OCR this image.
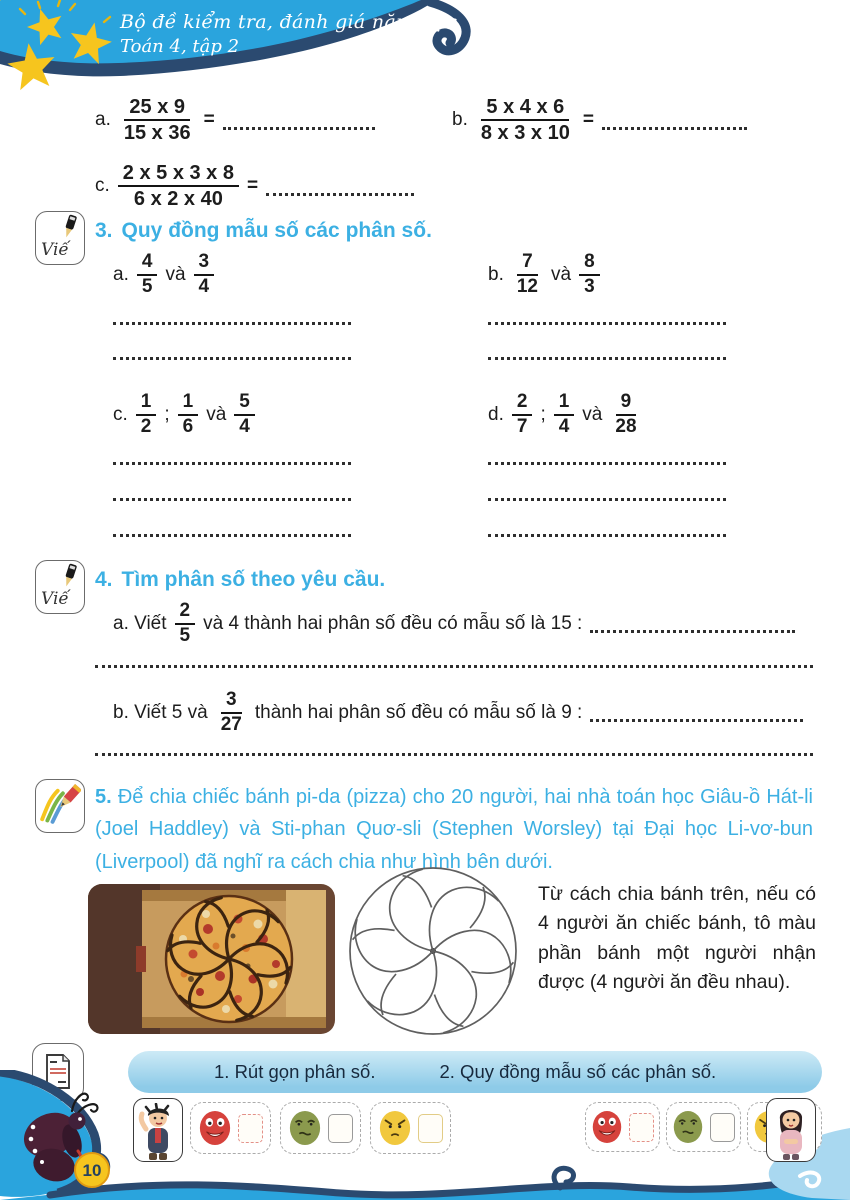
Bộ đề kiểm tra, đánh giá năng lực
Toán 4, tập 2
a. $\frac{25 x 9}{15 x 36}$ =	b. $\frac{5 x 4 x 6}{8 x 3 x 10}$ =
c. $\frac{2 x 5 x 3 x 8}{6 x 2 x 40}$ =
Viế
3. Quy đồng mẫu số các phân số.
a. $\frac{4}{5}$ và $\frac{3}{4}$	b. $\frac{7}{12}$ và $\frac{8}{3}$
c. $\frac{1}{2}$ ; $\frac{1}{6}$ và $\frac{5}{4}$	d. $\frac{2}{7}$ ; $\frac{1}{4}$ và $\frac{9}{28}$
Viế
4. Tìm phân số theo yêu cầu.
a. Viết $\frac{2}{5}$ và 4 thành hai phân số đều có mẫu số là 15 :
b. Viết 5 và $\frac{3}{27}$ thành hai phân số đều có mẫu số là 9 :
5. Để chia chiếc bánh pi-da (pizza) cho 20 người, hai nhà toán học Giâu-ồ Hát-li (Joel Haddley) và Sti-phan Quơ-sli (Stephen Worsley) tại Đại học Li-vơ-bun (Liverpool) đã nghĩ ra cách chia như hình bên dưới.
Từ cách chia bánh trên, nếu có 4 người ăn chiếc bánh, tô màu phần bánh một người nhận được (4 người ăn đều nhau).
1. Rút gọn phân số.	2. Quy đồng mẫu số các phân số.
10
